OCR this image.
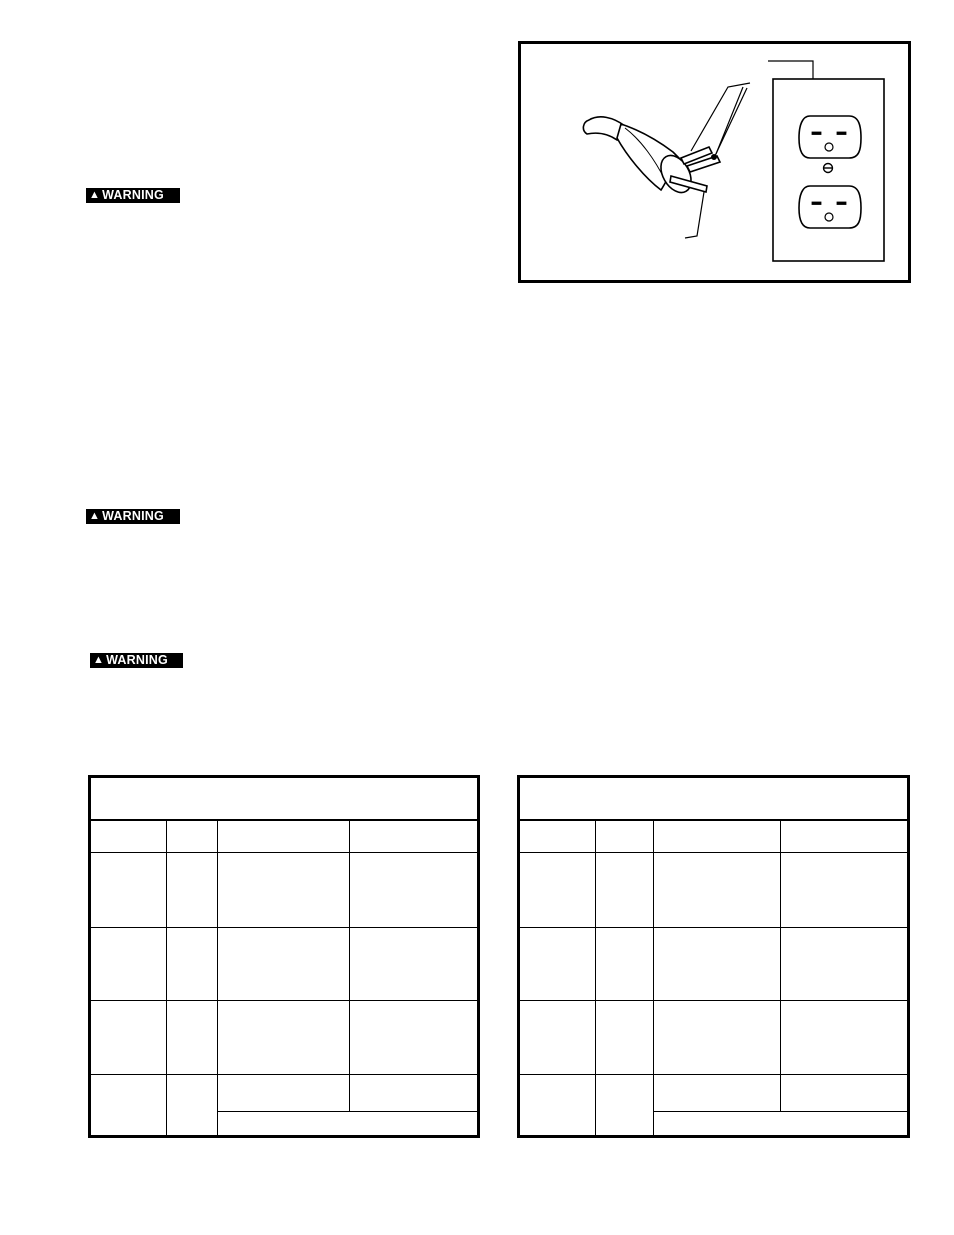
▲ WARNING
▲ WARNING
▲ WARNING
